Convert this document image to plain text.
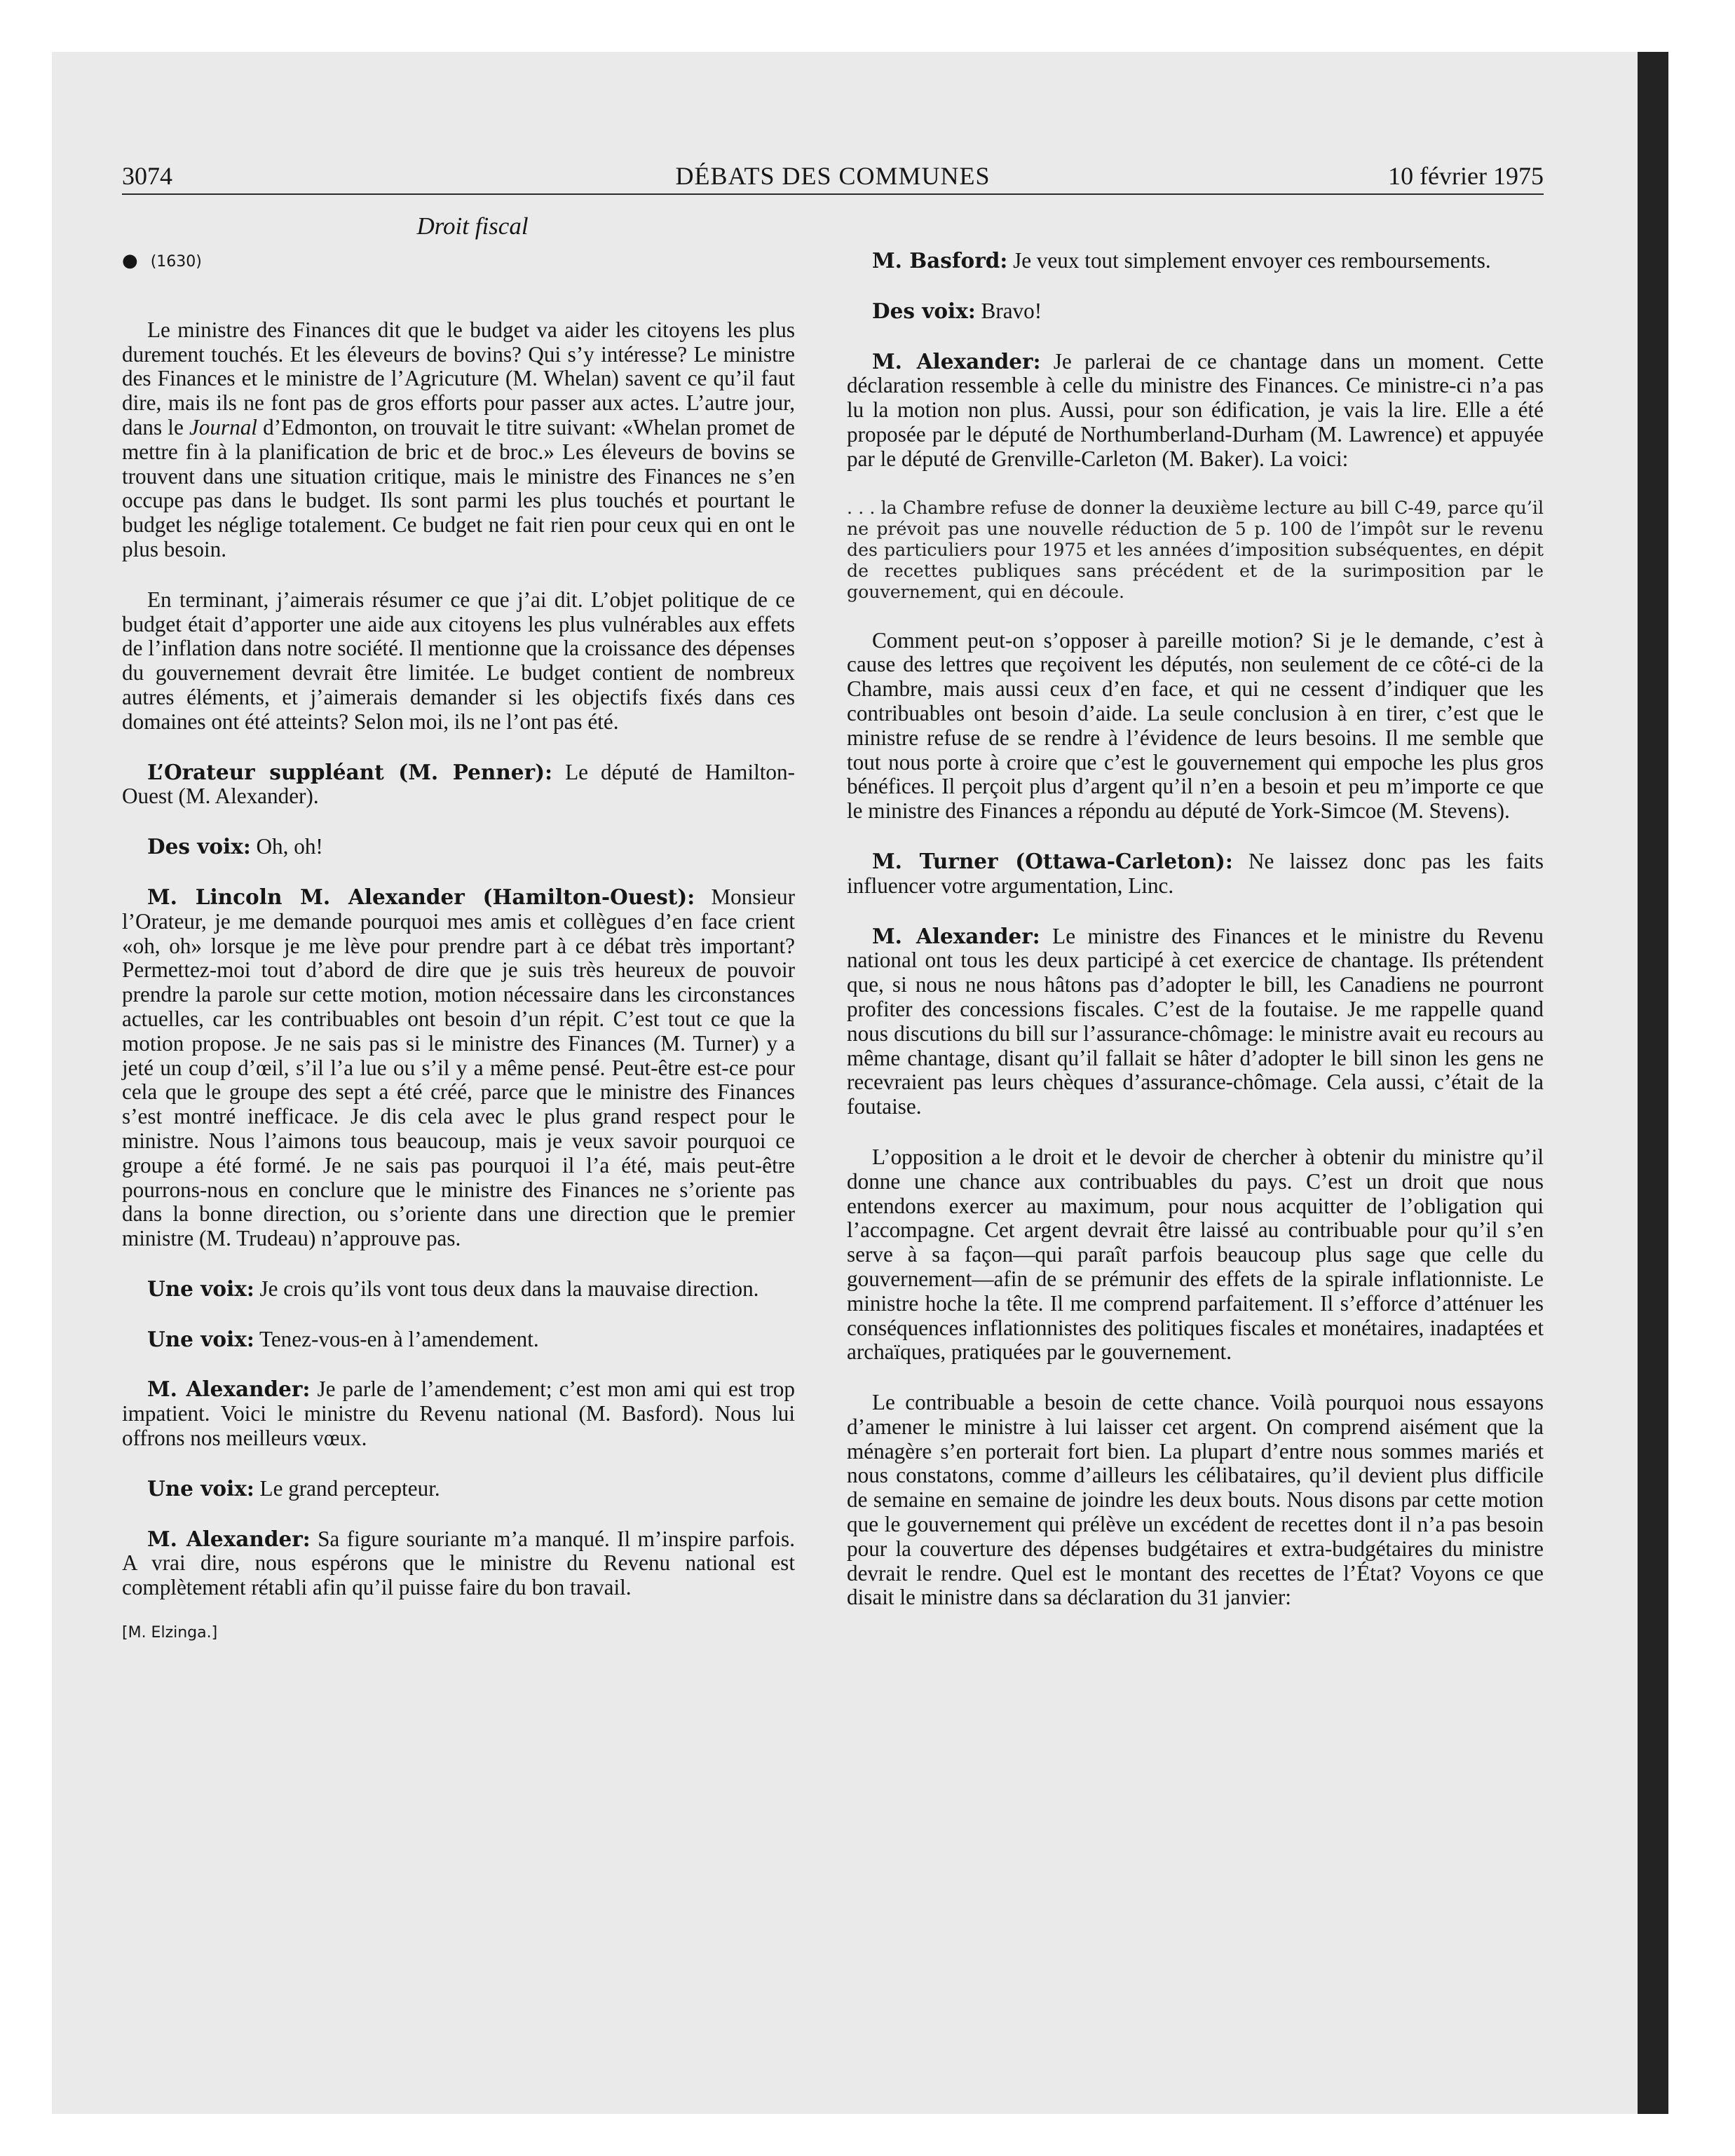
3074	DÉBATS DES COMMUNES	10 février 1975
Droit fiscal
● (1630)

Le ministre des Finances dit que le budget va aider les citoyens les plus durement touchés. Et les éleveurs de bovins? Qui s’y intéresse? Le ministre des Finances et le ministre de l’Agricuture (M. Whelan) savent ce qu’il faut dire, mais ils ne font pas de gros efforts pour passer aux actes. L’autre jour, dans le Journal d’Edmonton, on trouvait le titre suivant: «Whelan promet de mettre fin à la planification de bric et de broc.» Les éleveurs de bovins se trouvent dans une situation critique, mais le ministre des Finances ne s’en occupe pas dans le budget. Ils sont parmi les plus touchés et pourtant le budget les néglige totalement. Ce budget ne fait rien pour ceux qui en ont le plus besoin.

En terminant, j’aimerais résumer ce que j’ai dit. L’objet politique de ce budget était d’apporter une aide aux citoyens les plus vulnérables aux effets de l’inflation dans notre société. Il mentionne que la croissance des dépenses du gouvernement devrait être limitée. Le budget contient de nombreux autres éléments, et j’aimerais demander si les objectifs fixés dans ces domaines ont été atteints? Selon moi, ils ne l’ont pas été.

L’Orateur suppléant (M. Penner): Le député de Hamilton-Ouest (M. Alexander).

Des voix: Oh, oh!

M. Lincoln M. Alexander (Hamilton-Ouest): Monsieur l’Orateur, je me demande pourquoi mes amis et collègues d’en face crient «oh, oh» lorsque je me lève pour prendre part à ce débat très important? Permettez-moi tout d’abord de dire que je suis très heureux de pouvoir prendre la parole sur cette motion, motion nécessaire dans les circonstances actuelles, car les contribuables ont besoin d’un répit. C’est tout ce que la motion propose. Je ne sais pas si le ministre des Finances (M. Turner) y a jeté un coup d’œil, s’il l’a lue ou s’il y a même pensé. Peut-être est-ce pour cela que le groupe des sept a été créé, parce que le ministre des Finances s’est montré inefficace. Je dis cela avec le plus grand respect pour le ministre. Nous l’aimons tous beaucoup, mais je veux savoir pourquoi ce groupe a été formé. Je ne sais pas pourquoi il l’a été, mais peut-être pourrons-nous en conclure que le ministre des Finances ne s’oriente pas dans la bonne direction, ou s’oriente dans une direction que le premier ministre (M. Trudeau) n’approuve pas.

Une voix: Je crois qu’ils vont tous deux dans la mauvaise direction.

Une voix: Tenez-vous-en à l’amendement.

M. Alexander: Je parle de l’amendement; c’est mon ami qui est trop impatient. Voici le ministre du Revenu national (M. Basford). Nous lui offrons nos meilleurs vœux.

Une voix: Le grand percepteur.

M. Alexander: Sa figure souriante m’a manqué. Il m’inspire parfois. A vrai dire, nous espérons que le ministre du Revenu national est complètement rétabli afin qu’il puisse faire du bon travail.

[M. Elzinga.]

M. Basford: Je veux tout simplement envoyer ces remboursements.

Des voix: Bravo!

M. Alexander: Je parlerai de ce chantage dans un moment. Cette déclaration ressemble à celle du ministre des Finances. Ce ministre-ci n’a pas lu la motion non plus. Aussi, pour son édification, je vais la lire. Elle a été proposée par le député de Northumberland-Durham (M. Lawrence) et appuyée par le député de Grenville-Carleton (M. Baker). La voici:

. . . la Chambre refuse de donner la deuxième lecture au bill C-49, parce qu’il ne prévoit pas une nouvelle réduction de 5 p. 100 de l’impôt sur le revenu des particuliers pour 1975 et les années d’imposition subséquentes, en dépit de recettes publiques sans précédent et de la surimposition par le gouvernement, qui en découle.

Comment peut-on s’opposer à pareille motion? Si je le demande, c’est à cause des lettres que reçoivent les députés, non seulement de ce côté-ci de la Chambre, mais aussi ceux d’en face, et qui ne cessent d’indiquer que les contribuables ont besoin d’aide. La seule conclusion à en tirer, c’est que le ministre refuse de se rendre à l’évidence de leurs besoins. Il me semble que tout nous porte à croire que c’est le gouvernement qui empoche les plus gros bénéfices. Il perçoit plus d’argent qu’il n’en a besoin et peu m’importe ce que le ministre des Finances a répondu au député de York-Simcoe (M. Stevens).

M. Turner (Ottawa-Carleton): Ne laissez donc pas les faits influencer votre argumentation, Linc.

M. Alexander: Le ministre des Finances et le ministre du Revenu national ont tous les deux participé à cet exercice de chantage. Ils prétendent que, si nous ne nous hâtons pas d’adopter le bill, les Canadiens ne pourront profiter des concessions fiscales. C’est de la foutaise. Je me rappelle quand nous discutions du bill sur l’assurance-chômage: le ministre avait eu recours au même chantage, disant qu’il fallait se hâter d’adopter le bill sinon les gens ne recevraient pas leurs chèques d’assurance-chômage. Cela aussi, c’était de la foutaise.

L’opposition a le droit et le devoir de chercher à obtenir du ministre qu’il donne une chance aux contribuables du pays. C’est un droit que nous entendons exercer au maximum, pour nous acquitter de l’obligation qui l’accompagne. Cet argent devrait être laissé au contribuable pour qu’il s’en serve à sa façon—qui paraît parfois beaucoup plus sage que celle du gouvernement—afin de se prémunir des effets de la spirale inflationniste. Le ministre hoche la tête. Il me comprend parfaitement. Il s’efforce d’atténuer les conséquences inflationnistes des politiques fiscales et monétaires, inadaptées et archaïques, pratiquées par le gouvernement.

Le contribuable a besoin de cette chance. Voilà pourquoi nous essayons d’amener le ministre à lui laisser cet argent. On comprend aisément que la ménagère s’en porterait fort bien. La plupart d’entre nous sommes mariés et nous constatons, comme d’ailleurs les célibataires, qu’il devient plus difficile de semaine en semaine de joindre les deux bouts. Nous disons par cette motion que le gouvernement qui prélève un excédent de recettes dont il n’a pas besoin pour la couverture des dépenses budgétaires et extra-budgétaires du ministre devrait le rendre. Quel est le montant des recettes de l’État? Voyons ce que disait le ministre dans sa déclaration du 31 janvier:
